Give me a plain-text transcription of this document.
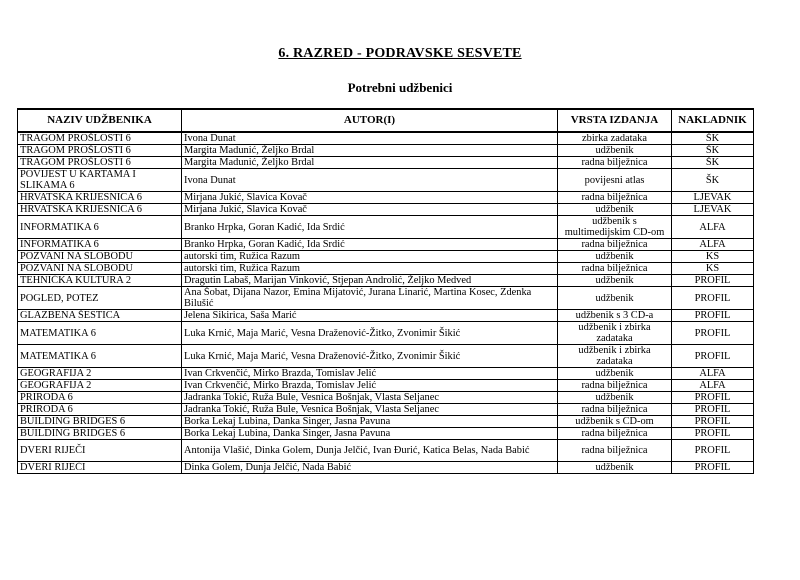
6. RAZRED - PODRAVSKE SESVETE
Potrebni udžbenici
NAZIV UDŽBENIKA	AUTOR(I)	VRSTA IZDANJA	NAKLADNIK
TRAGOM PROŠLOSTI 6	Ivona Dunat	zbirka zadataka	ŠK
TRAGOM PROŠLOSTI 6	Margita Madunić, Željko Brdal	udžbenik	ŠK
TRAGOM PROŠLOSTI 6	Margita Madunić, Željko Brdal	radna bilježnica	ŠK
POVIJEST U KARTAMA I SLIKAMA 6	Ivona Dunat	povijesni atlas	ŠK
HRVATSKA KRIJESNICA 6	Mirjana Jukić, Slavica Kovač	radna bilježnica	LJEVAK
HRVATSKA KRIJESNICA 6	Mirjana Jukić, Slavica Kovač	udžbenik	LJEVAK
INFORMATIKA 6	Branko Hrpka, Goran Kadić, Ida Srdić	udžbenik s multimedijskim CD-om	ALFA
INFORMATIKA 6	Branko Hrpka, Goran Kadić, Ida Srdić	radna bilježnica	ALFA
POZVANI NA SLOBODU	autorski tim, Ružica Razum	udžbenik	KS
POZVANI NA SLOBODU	autorski tim, Ružica Razum	radna bilježnica	KS
TEHNIČKA KULTURA 2	Dragutin Labaš, Marijan Vinković, Stjepan Androlić, Željko Medved	udžbenik	PROFIL
POGLED, POTEZ	Ana Šobat, Dijana Nazor, Emina Mijatović, Jurana Linarić, Martina Kosec, Zdenka Bilušić	udžbenik	PROFIL
GLAZBENA ŠESTICA	Jelena Sikirica, Saša Marić	udžbenik s 3 CD-a	PROFIL
MATEMATIKA 6	Luka Krnić, Maja Marić, Vesna Draženović-Žitko, Zvonimir Šikić	udžbenik i zbirka zadataka	PROFIL
MATEMATIKA 6	Luka Krnić, Maja Marić, Vesna Draženović-Žitko, Zvonimir Šikić	udžbenik i zbirka zadataka	PROFIL
GEOGRAFIJA 2	Ivan Crkvenčić, Mirko Brazda, Tomislav Jelić	udžbenik	ALFA
GEOGRAFIJA 2	Ivan Crkvenčić, Mirko Brazda, Tomislav Jelić	radna bilježnica	ALFA
PRIRODA 6	Jadranka Tokić, Ruža Bule, Vesnica Bošnjak, Vlasta Seljanec	udžbenik	PROFIL
PRIRODA 6	Jadranka Tokić, Ruža Bule, Vesnica Bošnjak, Vlasta Seljanec	radna bilježnica	PROFIL
BUILDING BRIDGES 6	Borka Lekaj Lubina, Danka Singer, Jasna Pavuna	udžbenik s CD-om	PROFIL
BUILDING BRIDGES 6	Borka Lekaj Lubina, Danka Singer, Jasna Pavuna	radna bilježnica	PROFIL
DVERI RIJEČI	Antonija Vlašić, Dinka Golem, Dunja Jelčić, Ivan Đurić, Katica Belas, Nada Babić	radna bilježnica	PROFIL
DVERI RIJEČI	Dinka Golem, Dunja Jelčić, Nada Babić	udžbenik	PROFIL
